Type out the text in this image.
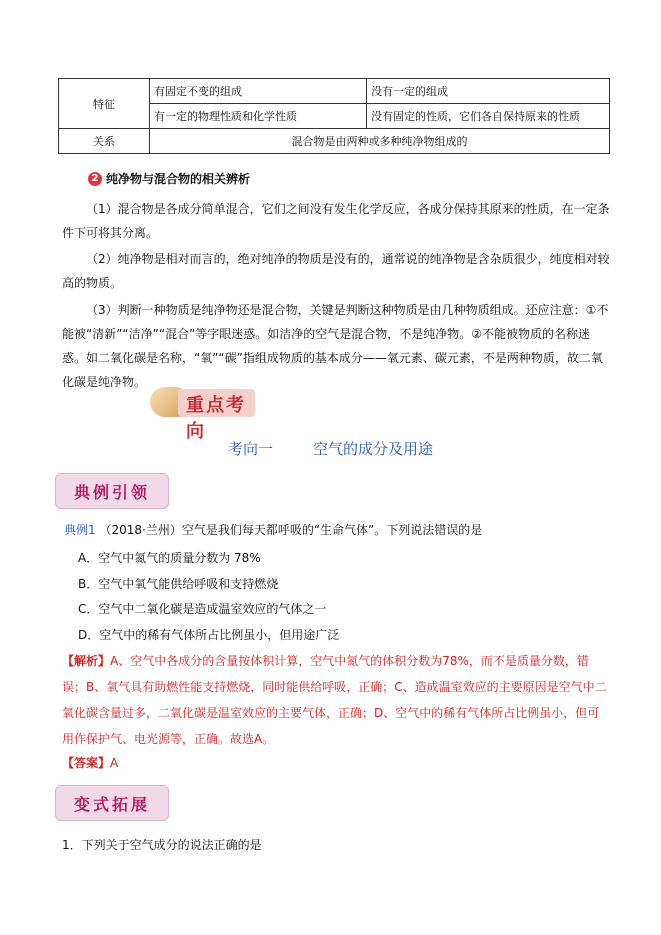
特征	有固定不变的组成	没有一定的组成
	有一定的物理性质和化学性质	没有固定的性质，它们各自保持原来的性质
关系	混合物是由两种或多种纯净物组成的	
2 纯净物与混合物的相关辨析

（1）混合物是各成分简单混合，它们之间没有发生化学反应，各成分保持其原来的性质，在一定条件下可将其分离。

（2）纯净物是相对而言的，绝对纯净的物质是没有的，通常说的纯净物是含杂质很少，纯度相对较高的物质。

（3）判断一种物质是纯净物还是混合物，关键是判断这种物质是由几种物质组成。还应注意：①不能被“清新”“洁净”“混合”等字眼迷惑。如洁净的空气是混合物，不是纯净物。②不能被物质的名称迷惑。如二氧化碳是名称，“氧”“碳”指组成物质的基本成分——氧元素、碳元素，不是两种物质，故二氧化碳是纯净物。

重点考向
考向一	空气的成分及用途
典例引领
典例1 （2018·兰州）空气是我们每天都呼吸的“生命气体”。下列说法错误的是
A．空气中氮气的质量分数为 78%
B．空气中氧气能供给呼吸和支持燃烧
C．空气中二氧化碳是造成温室效应的气体之一
D．空气中的稀有气体所占比例虽小，但用途广泛

【解析】A、空气中各成分的含量按体积计算，空气中氮气的体积分数为78%，而不是质量分数，错误；B、氧气具有助燃性能支持燃烧，同时能供给呼吸，正确；C、造成温室效应的主要原因是空气中二氧化碳含量过多，二氧化碳是温室效应的主要气体，正确；D、空气中的稀有气体所占比例虽小，但可用作保护气、电光源等，正确。故选A。

【答案】A
变式拓展
1．下列关于空气成分的说法正确的是
